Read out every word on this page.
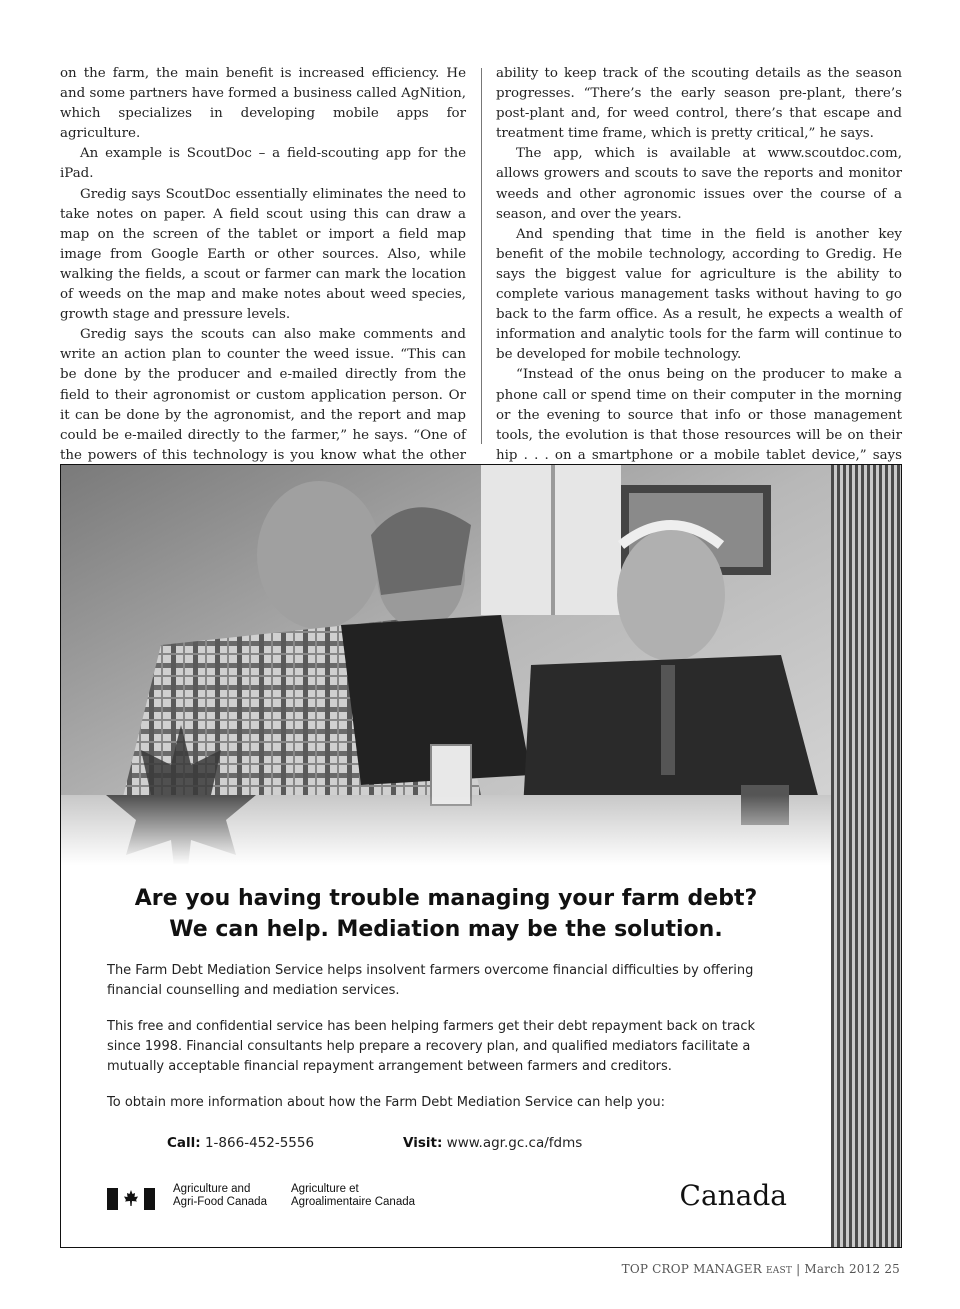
on the farm, the main benefit is increased efficiency. He and some partners have formed a business called AgNition, which specializes in developing mobile apps for agriculture.

An example is ScoutDoc – a field-scouting app for the iPad.

Gredig says ScoutDoc essentially eliminates the need to take notes on paper. A field scout using this can draw a map on the screen of the tablet or import a field map image from Google Earth or other sources. Also, while walking the fields, a scout or farmer can mark the location of weeds on the map and make notes about weed species, growth stage and pressure levels.

Gredig says the scouts can also make comments and write an action plan to counter the weed issue. “This can be done by the producer and e-mailed directly from the field to their agronomist or custom application person. Or it can be done by the agronomist, and the report and map could be e-mailed directly to the farmer,” he says. “One of the powers of this technology is you know what the other

ability to keep track of the scouting details as the season progresses. “There’s the early season pre-plant, there’s post-plant and, for weed control, there’s that escape and treatment time frame, which is pretty critical,” he says.

The app, which is available at www.scoutdoc.com, allows growers and scouts to save the reports and monitor weeds and other agronomic issues over the course of a season, and over the years.

And spending that time in the field is another key benefit of the mobile technology, according to Gredig. He says the biggest value for agriculture is the ability to complete various management tasks without having to go back to the farm office. As a result, he expects a wealth of information and analytic tools for the farm will continue to be developed for mobile technology.

“Instead of the onus being on the producer to make a phone call or spend time on their computer in the morning or the evening to source that info or those management tools, the evolution is that those resources will be on their hip . . . on a smartphone or a mobile tablet device,” says

Are you having trouble managing your farm debt?
We can help. Mediation may be the solution.

The Farm Debt Mediation Service helps insolvent farmers overcome financial difficulties by offering financial counselling and mediation services.

This free and confidential service has been helping farmers get their debt repayment back on track since 1998. Financial consultants help prepare a recovery plan, and qualified mediators facilitate a mutually acceptable financial repayment arrangement between farmers and creditors.

To obtain more information about how the Farm Debt Mediation Service can help you:

Call: 1-866-452-5556	Visit: www.agr.gc.ca/fdms
Agriculture and
Agri-Food Canada
Agriculture et
Agroalimentaire Canada	Canada
TOP CROP MANAGER EAST | March 2012 25
